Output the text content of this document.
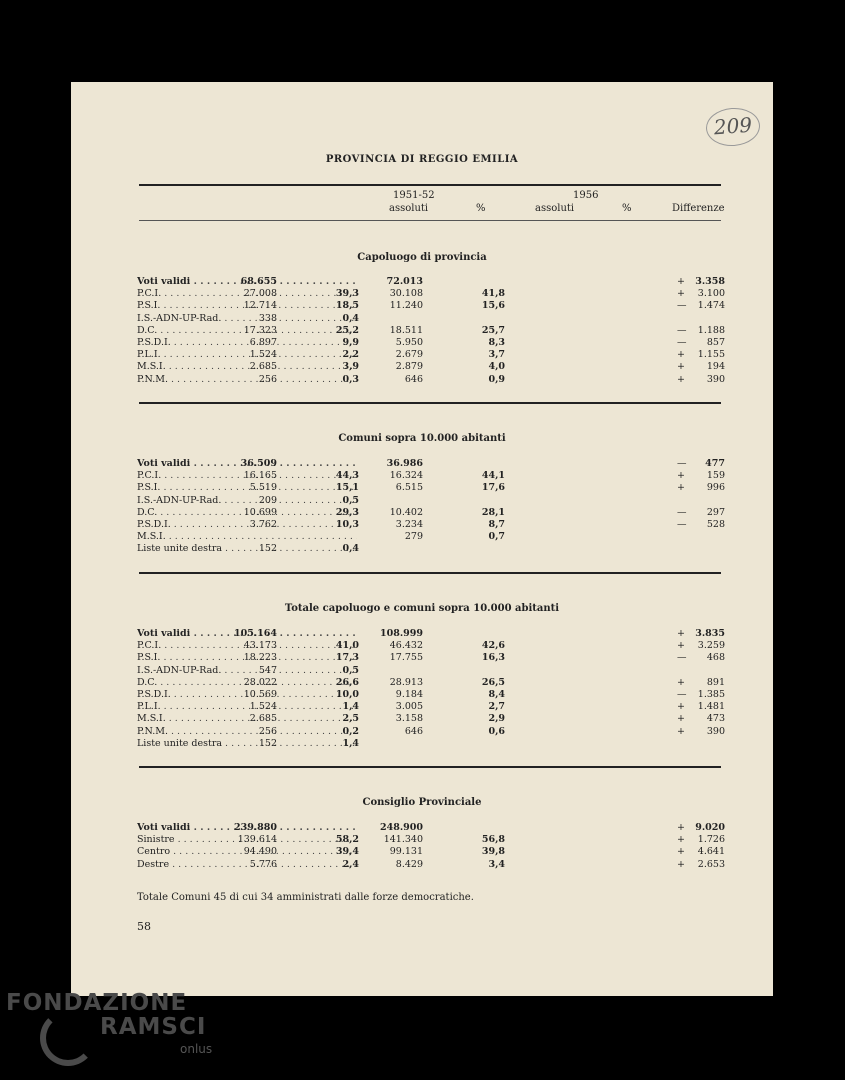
209
PROVINCIA DI REGGIO EMILIA
1951-52	1956
assoluti	%	assoluti	%	Differenze
Capoluogo di provincia
Voti validi . . .	68.655	72.013	+ 3.358
P.C.I. . . .	27.008	39,3	30.108	41,8	+ 3.100
P.S.I. . . .	12.714	18,5	11.240	15,6	— 1.474
I.S.-ADN-UP-Rad. . . .	338	0,4
D.C. . . .	17.323	25,2	18.511	25,7	— 1.188
P.S.D.I. . . .	6.897	9,9	5.950	8,3	— 857
P.L.I. . . .	1.524	2,2	2.679	3,7	+ 1.155
M.S.I. . . .	2.685	3,9	2.879	4,0	+ 194
P.N.M. . . .	256	0,3	646	0,9	+ 390
Comuni sopra 10.000 abitanti
Voti validi . . .	36.509	36.986	— 477
P.C.I. . . .	16.165	44,3	16.324	44,1	+ 159
P.S.I. . . .	5.519	15,1	6.515	17,6	+ 996
I.S.-ADN-UP-Rad. . . .	209	0,5
D.C. . . .	10.699	29,3	10.402	28,1	— 297
P.S.D.I. . . .	3.762	10,3	3.234	8,7	— 528
M.S.I. . . .	279	0,7
Liste unite destra . . .	152	0,4
Totale capoluogo e comuni sopra 10.000 abitanti
Voti validi . . .	105.164	108.999	+ 3.835
P.C.I. . . .	43.173	41,0	46.432	42,6	+ 3.259
P.S.I. . . .	18.223	17,3	17.755	16,3	— 468
I.S.-ADN-UP-Rad. . . .	547	0,5
D.C. . . .	28.022	26,6	28.913	26,5	+ 891
P.S.D.I. . . .	10.569	10,0	9.184	8,4	— 1.385
P.L.I. . . .	1.524	1,4	3.005	2,7	+ 1.481
M.S.I. . . .	2.685	2,5	3.158	2,9	+ 473
P.N.M. . . .	256	0,2	646	0,6	+ 390
Liste unite destra . . .	152	1,4
Consiglio Provinciale
Voti validi . . .	239.880	248.900	+ 9.020
Sinistre . . .	139.614	58,2	141.340	56,8	+ 1.726
Centro . . .	94.490	39,4	99.131	39,8	+ 4.641
Destre . . .	5.776	2,4	8.429	3,4	+ 2.653
Totale Comuni 45 di cui 34 amministrati dalle forze democratiche.
58
FONDAZIONE
RAMSCI
onlus
